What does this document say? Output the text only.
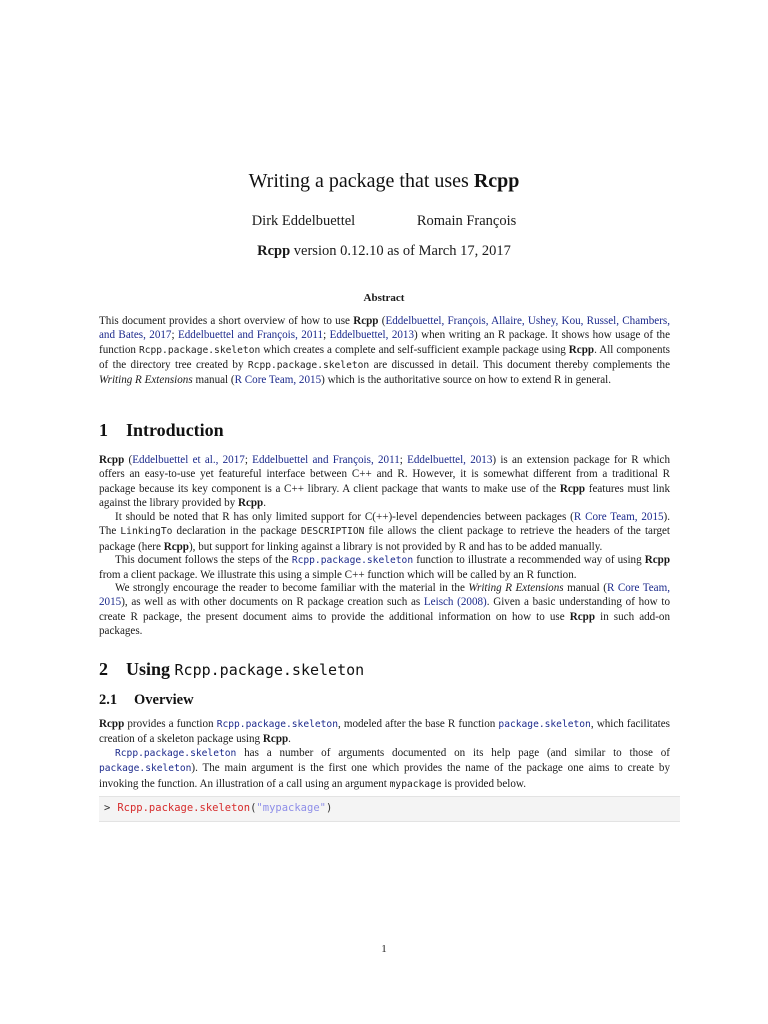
Writing a package that uses Rcpp
Dirk Eddelbuettel	Romain François
Rcpp version 0.12.10 as of March 17, 2017
Abstract
This document provides a short overview of how to use Rcpp (Eddelbuettel, François, Allaire, Ushey, Kou, Russel, Chambers, and Bates, 2017; Eddelbuettel and François, 2011; Eddelbuettel, 2013) when writing an R package. It shows how usage of the function Rcpp.package.skeleton which creates a complete and self-sufficient example package using Rcpp. All components of the directory tree created by Rcpp.package.skeleton are discussed in detail. This document thereby complements the Writing R Extensions manual (R Core Team, 2015) which is the authoritative source on how to extend R in general.
1 Introduction
Rcpp (Eddelbuettel et al., 2017; Eddelbuettel and François, 2011; Eddelbuettel, 2013) is an extension package for R which offers an easy-to-use yet featureful interface between C++ and R. However, it is somewhat different from a traditional R package because its key component is a C++ library. A client package that wants to make use of the Rcpp features must link against the library provided by Rcpp.
It should be noted that R has only limited support for C(++)-level dependencies between packages (R Core Team, 2015). The LinkingTo declaration in the package DESCRIPTION file allows the client package to retrieve the headers of the target package (here Rcpp), but support for linking against a library is not provided by R and has to be added manually.
This document follows the steps of the Rcpp.package.skeleton function to illustrate a recommended way of using Rcpp from a client package. We illustrate this using a simple C++ function which will be called by an R function.
We strongly encourage the reader to become familiar with the material in the Writing R Extensions manual (R Core Team, 2015), as well as with other documents on R package creation such as Leisch (2008). Given a basic understanding of how to create R package, the present document aims to provide the additional information on how to use Rcpp in such add-on packages.
2 Using Rcpp.package.skeleton
2.1 Overview
Rcpp provides a function Rcpp.package.skeleton, modeled after the base R function package.skeleton, which facilitates creation of a skeleton package using Rcpp.
Rcpp.package.skeleton has a number of arguments documented on its help page (and similar to those of package.skeleton). The main argument is the first one which provides the name of the package one aims to create by invoking the function. An illustration of a call using an argument mypackage is provided below.
> Rcpp.package.skeleton("mypackage")
1
